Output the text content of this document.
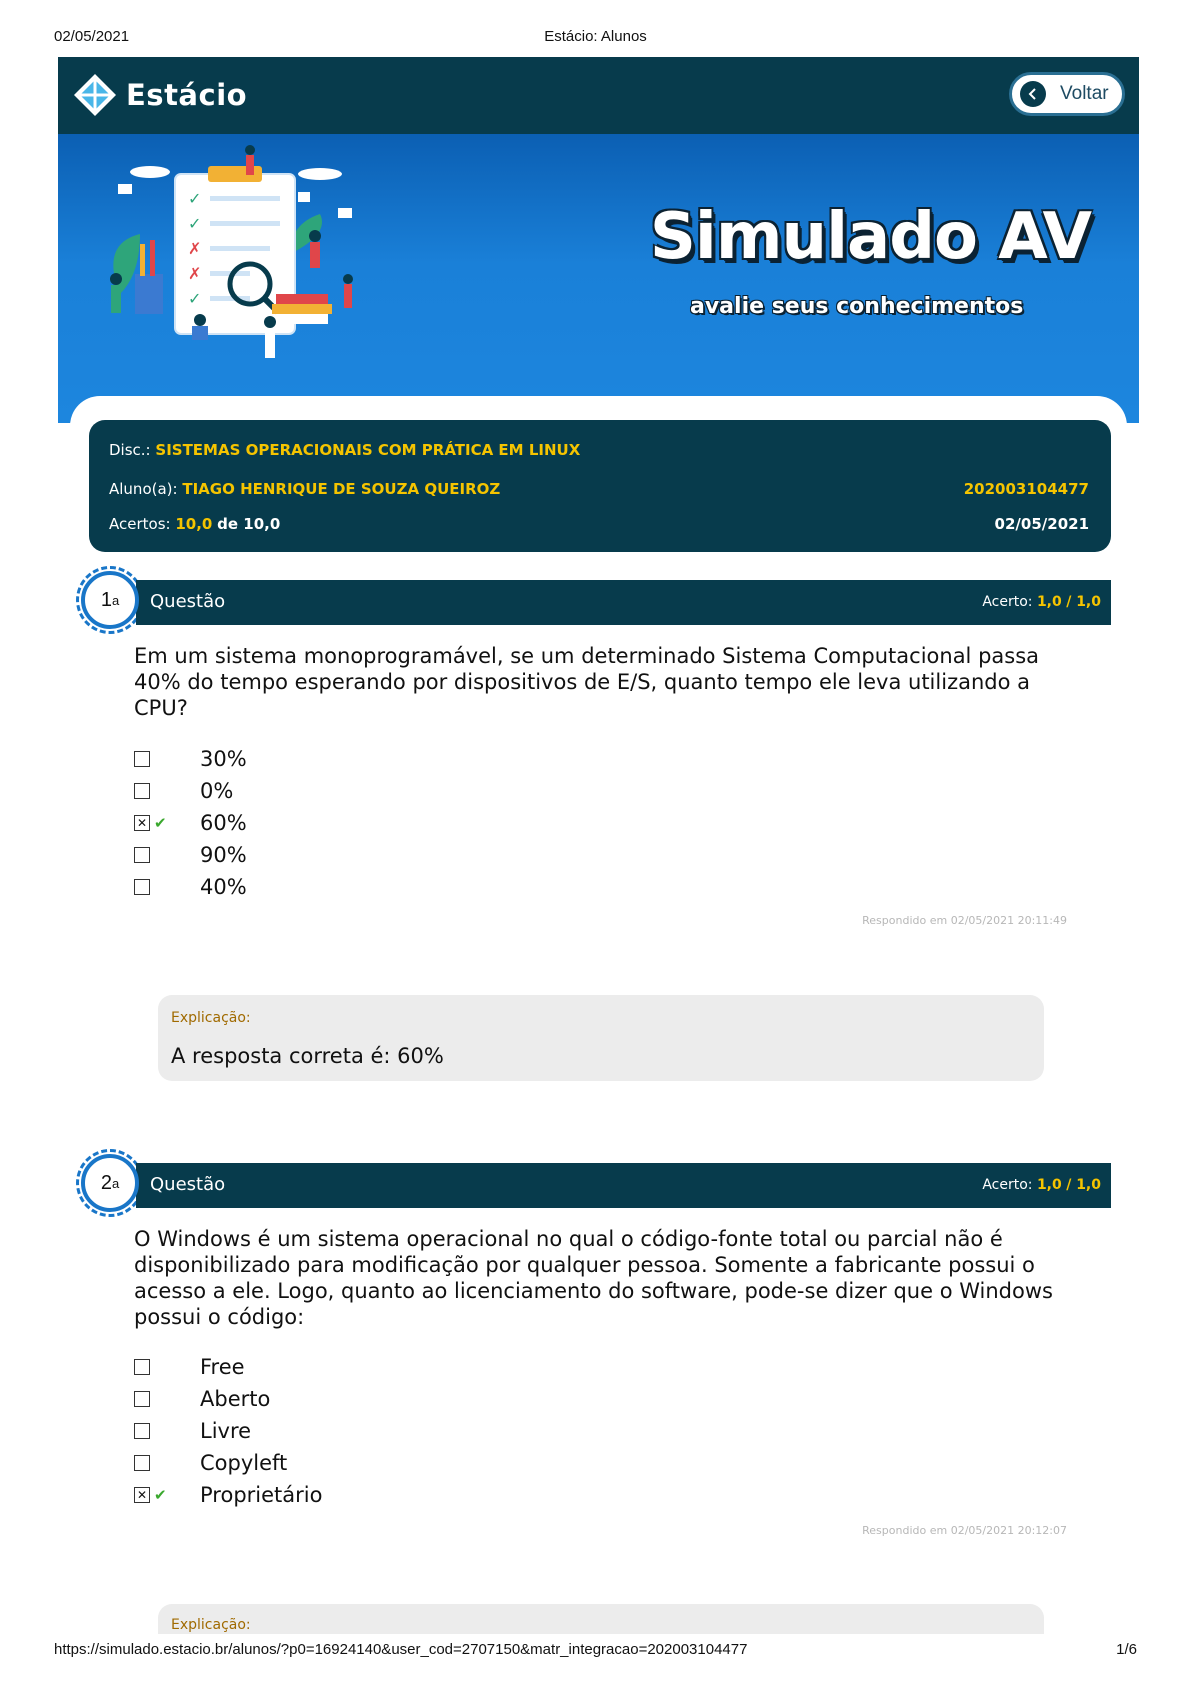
02/05/2021	Estácio: Alunos
Estácio	Voltar
✓
✓
✗
✗
✓
Simulado AV
avalie seus conhecimentos
Disc.: SISTEMAS OPERACIONAIS COM PRÁTICA EM LINUX
Aluno(a): TIAGO HENRIQUE DE SOUZA QUEIROZ	202003104477
Acertos: 10,0 de 10,0	02/05/2021
Questão	Acerto: 1,0 / 1,0
1 a
Em um sistema monoprogramável, se um determinado Sistema Computacional passa 40% do tempo esperando por dispositivos de E/S, quanto tempo ele leva utilizando a CPU?
30%
0%
✕ ✔ 60%
90%
40%
Respondido em 02/05/2021 20:11:49
Explicação:
A resposta correta é: 60%
Questão	Acerto: 1,0 / 1,0
2 a
O Windows é um sistema operacional no qual o código-fonte total ou parcial não é disponibilizado para modificação por qualquer pessoa. Somente a fabricante possui o acesso a ele. Logo, quanto ao licenciamento do software, pode-se dizer que o Windows possui o código:
Free
Aberto
Livre
Copyleft
✕ ✔ Proprietário
Respondido em 02/05/2021 20:12:07
Explicação:
https://simulado.estacio.br/alunos/?p0=16924140&user_cod=2707150&matr_integracao=202003104477	1/6
